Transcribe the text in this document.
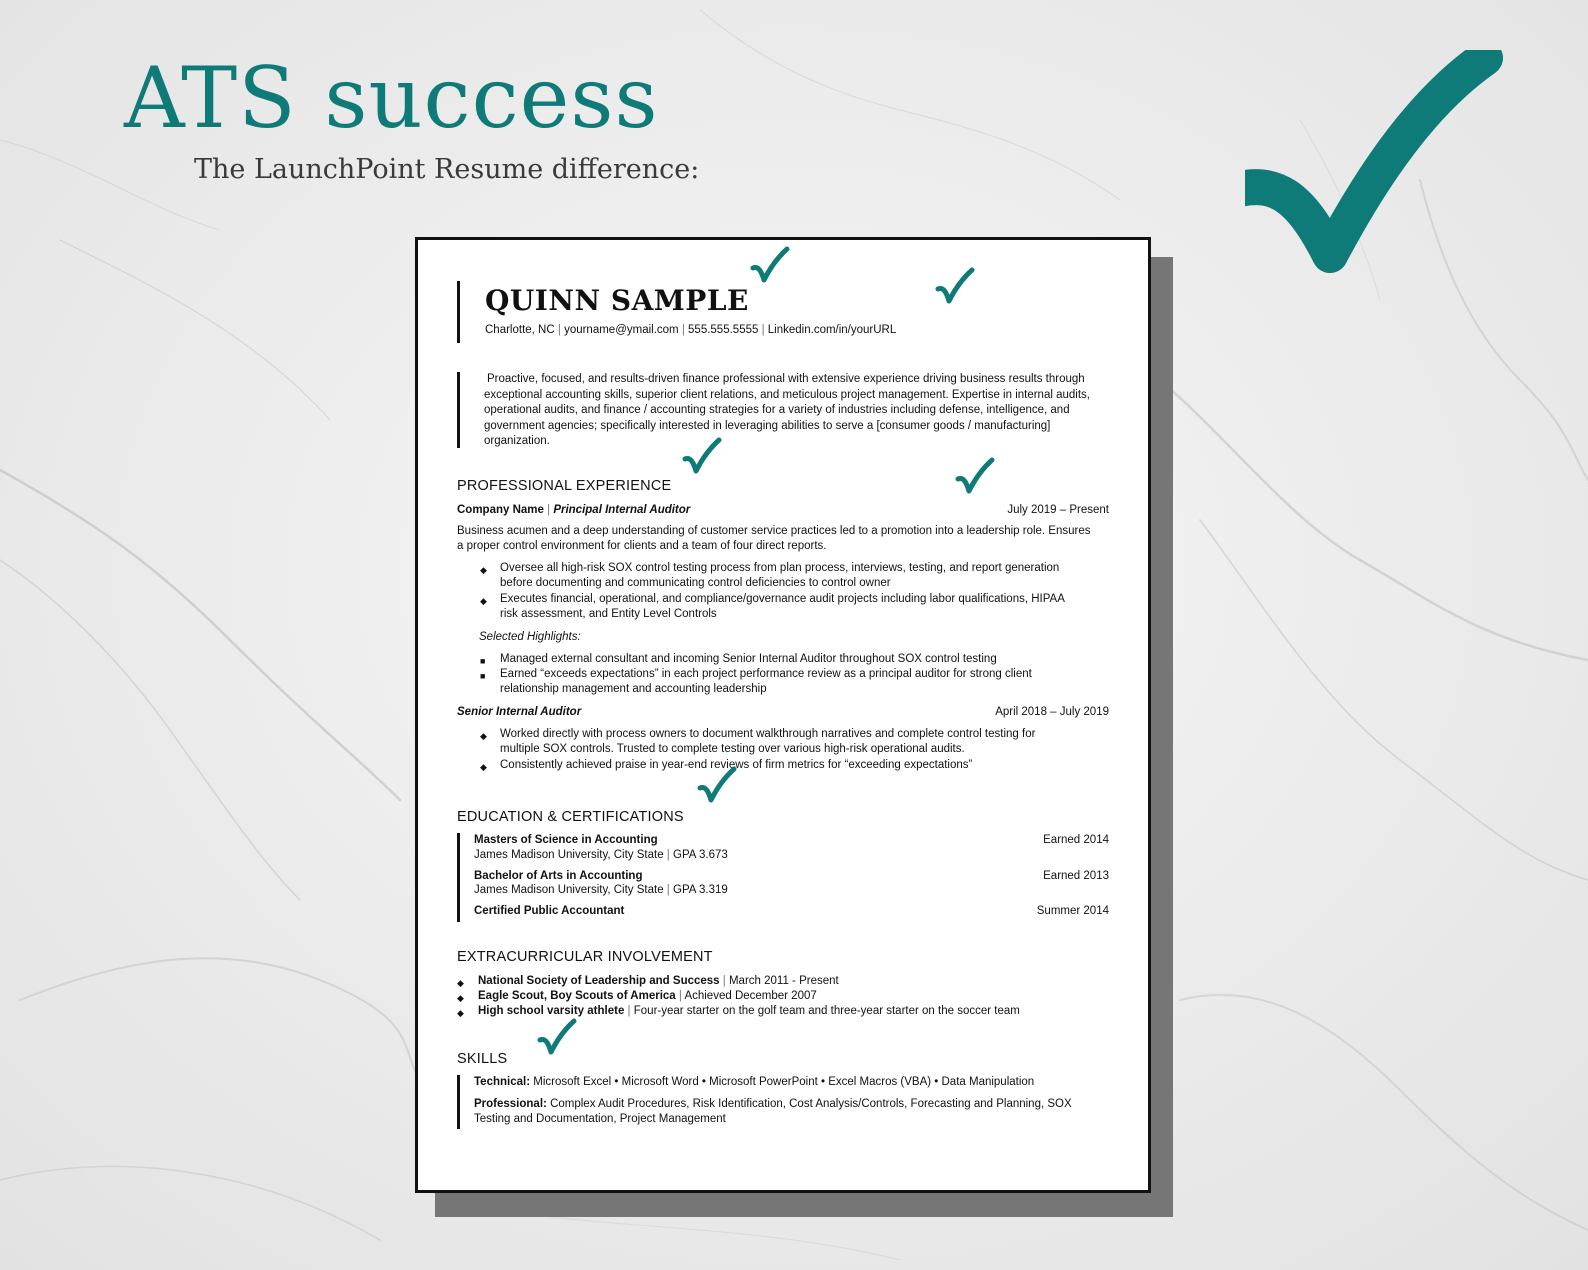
ATS success
The LaunchPoint Resume difference:
QUINN SAMPLE
Charlotte, NC | yourname@ymail.com | 555.555.5555 | Linkedin.com/in/yourURL
Proactive, focused, and results-driven finance professional with extensive experience driving business results through exceptional accounting skills, superior client relations, and meticulous project management. Expertise in internal audits, operational audits, and finance / accounting strategies for a variety of industries including defense, intelligence, and government agencies; specifically interested in leveraging abilities to serve a [consumer goods / manufacturing] organization.
PROFESSIONAL EXPERIENCE
Company Name | Principal Internal Auditor	July 2019 – Present
Business acumen and a deep understanding of customer service practices led to a promotion into a leadership role. Ensures
a proper control environment for clients and a team of four direct reports.
◆ Oversee all high-risk SOX control testing process from plan process, interviews, testing, and report generation
before documenting and communicating control deficiencies to control owner
◆ Executes financial, operational, and compliance/governance audit projects including labor qualifications, HIPAA
risk assessment, and Entity Level Controls
Selected Highlights:
■ Managed external consultant and incoming Senior Internal Auditor throughout SOX control testing
■ Earned “exceeds expectations” in each project performance review as a principal auditor for strong client
relationship management and accounting leadership
Senior Internal Auditor	April 2018 – July 2019
◆ Worked directly with process owners to document walkthrough narratives and complete control testing for
multiple SOX controls. Trusted to complete testing over various high-risk operational audits.
◆ Consistently achieved praise in year-end reviews of firm metrics for “exceeding expectations”
EDUCATION & CERTIFICATIONS
Masters of Science in Accounting	Earned 2014
James Madison University, City State | GPA 3.673
Bachelor of Arts in Accounting	Earned 2013
James Madison University, City State | GPA 3.319
Certified Public Accountant	Summer 2014
EXTRACURRICULAR INVOLVEMENT
◆ National Society of Leadership and Success | March 2011 - Present
◆ Eagle Scout, Boy Scouts of America | Achieved December 2007
◆ High school varsity athlete | Four-year starter on the golf team and three-year starter on the soccer team
SKILLS
Technical: Microsoft Excel • Microsoft Word • Microsoft PowerPoint • Excel Macros (VBA) • Data Manipulation
Professional: Complex Audit Procedures, Risk Identification, Cost Analysis/Controls, Forecasting and Planning, SOX
Testing and Documentation, Project Management
